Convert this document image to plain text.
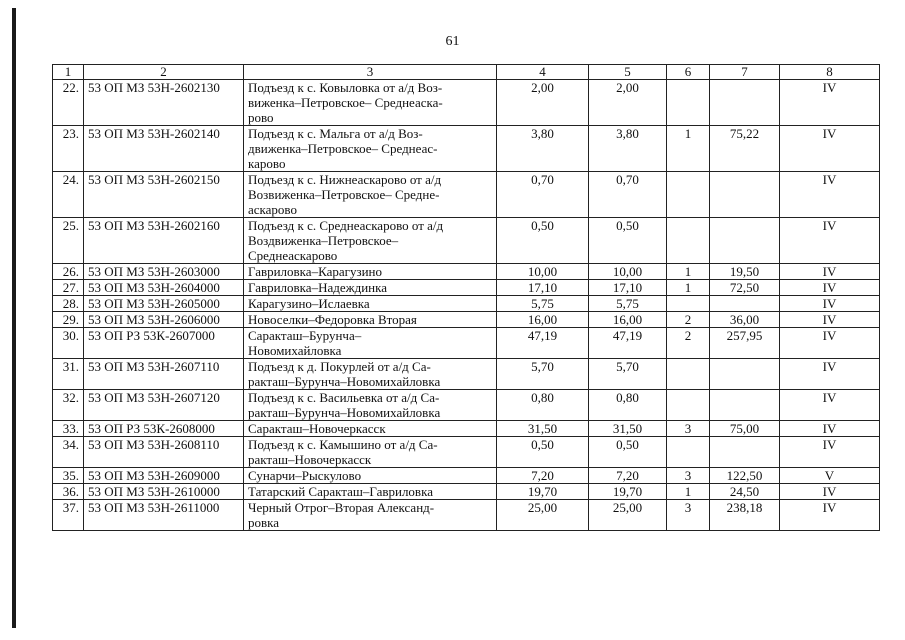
61
1	2	3	4	5	6	7	8
22.	53 ОП МЗ 53Н-2602130	Подъезд к с. Ковыловка от а/д Воз-
виженка–Петровское– Среднеаска-
рово	2,00	2,00			IV
23.	53 ОП МЗ 53Н-2602140	Подъезд к с. Мальга от а/д Воз-
движенка–Петровское– Среднеас-
карово	3,80	3,80	1	75,22	IV
24.	53 ОП МЗ 53Н-2602150	Подъезд к с. Нижнеаскарово от а/д
Возвиженка–Петровское– Средне-
аскарово	0,70	0,70			IV
25.	53 ОП МЗ 53Н-2602160	Подъезд к с. Среднеаскарово от а/д
Воздвиженка–Петровское–
Среднеаскарово	0,50	0,50			IV
26.	53 ОП МЗ 53Н-2603000	Гавриловка–Карагузино	10,00	10,00	1	19,50	IV
27.	53 ОП МЗ 53Н-2604000	Гавриловка–Надеждинка	17,10	17,10	1	72,50	IV
28.	53 ОП МЗ 53Н-2605000	Карагузино–Ислаевка	5,75	5,75			IV
29.	53 ОП МЗ 53Н-2606000	Новоселки–Федоровка Вторая	16,00	16,00	2	36,00	IV
30.	53 ОП РЗ 53К-2607000	Саракташ–Бурунча–
Новомихайловка	47,19	47,19	2	257,95	IV
31.	53 ОП МЗ 53Н-2607110	Подъезд к д. Покурлей от а/д Са-
ракташ–Бурунча–Новомихайловка	5,70	5,70			IV
32.	53 ОП МЗ 53Н-2607120	Подъезд к с. Васильевка от а/д Са-
ракташ–Бурунча–Новомихайловка	0,80	0,80			IV
33.	53 ОП РЗ 53К-2608000	Саракташ–Новочеркасск	31,50	31,50	3	75,00	IV
34.	53 ОП МЗ 53Н-2608110	Подъезд к с. Камышино от а/д Са-
ракташ–Новочеркасск	0,50	0,50			IV
35.	53 ОП МЗ 53Н-2609000	Сунарчи–Рыскулово	7,20	7,20	3	122,50	V
36.	53 ОП МЗ 53Н-2610000	Татарский Саракташ–Гавриловка	19,70	19,70	1	24,50	IV
37.	53 ОП МЗ 53Н-2611000	Черный Отрог–Вторая Александ-
ровка	25,00	25,00	3	238,18	IV
